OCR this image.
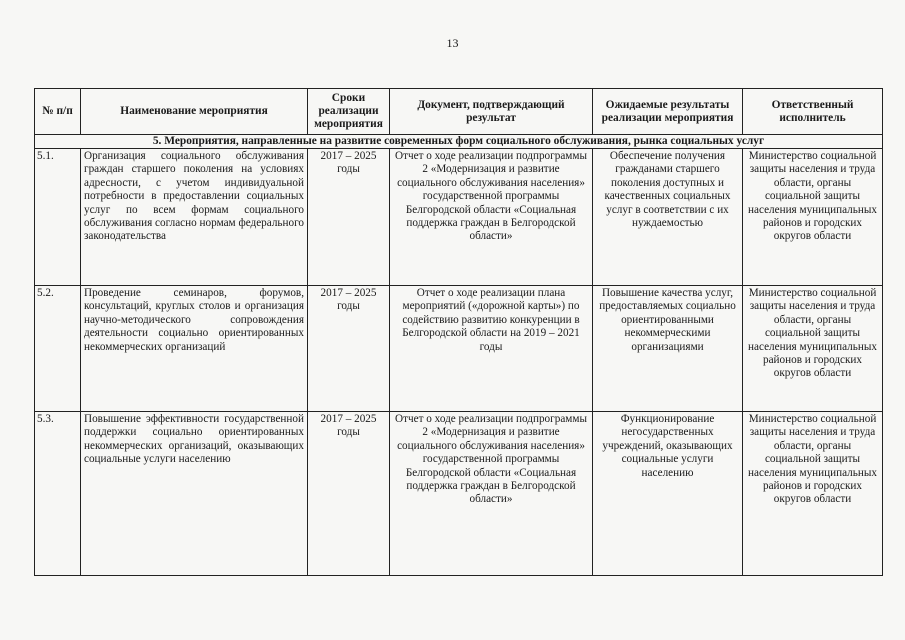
13
№ п/п	Наименование мероприятия	Сроки реализации мероприятия	Документ, подтверждающий результат	Ожидаемые результаты реализации мероприятия	Ответственный исполнитель
5. Мероприятия, направленные на развитие современных форм социального обслуживания, рынка социальных услуг					
5.1.	Организация социального обслуживания граждан старшего поколения на условиях адресности, с учетом индивидуальной потребности в предоставлении социальных услуг по всем формам социального обслуживания согласно нормам федерального законодательства	2017 – 2025 годы	Отчет о ходе реализации подпрограммы 2 «Модернизация и развитие социального обслуживания населения» государственной программы Белгородской области «Социальная поддержка граждан в Белгородской области»	Обеспечение получения гражданами старшего поколения доступных и качественных социальных услуг в соответствии с их нуждаемостью	Министерство социальной защиты населения и труда области, органы социальной защиты населения муниципальных районов и городских округов области
5.2.	Проведение семинаров, форумов, консультаций, круглых столов и организация научно-методического сопровождения деятельности социально ориентированных некоммерческих организаций	2017 – 2025 годы	Отчет о ходе реализации плана мероприятий («дорожной карты») по содействию развитию конкуренции в Белгородской области на 2019 – 2021 годы	Повышение качества услуг, предоставляемых социально ориентированными некоммерческими организациями	Министерство социальной защиты населения и труда области, органы социальной защиты населения муниципальных районов и городских округов области
5.3.	Повышение эффективности государственной поддержки социально ориентированных некоммерческих организаций, оказывающих социальные услуги населению	2017 – 2025 годы	Отчет о ходе реализации подпрограммы 2 «Модернизация и развитие социального обслуживания населения» государственной программы Белгородской области «Социальная поддержка граждан в Белгородской области»	Функционирование негосударственных учреждений, оказывающих социальные услуги населению	Министерство социальной защиты населения и труда области, органы социальной защиты населения муниципальных районов и городских округов области
